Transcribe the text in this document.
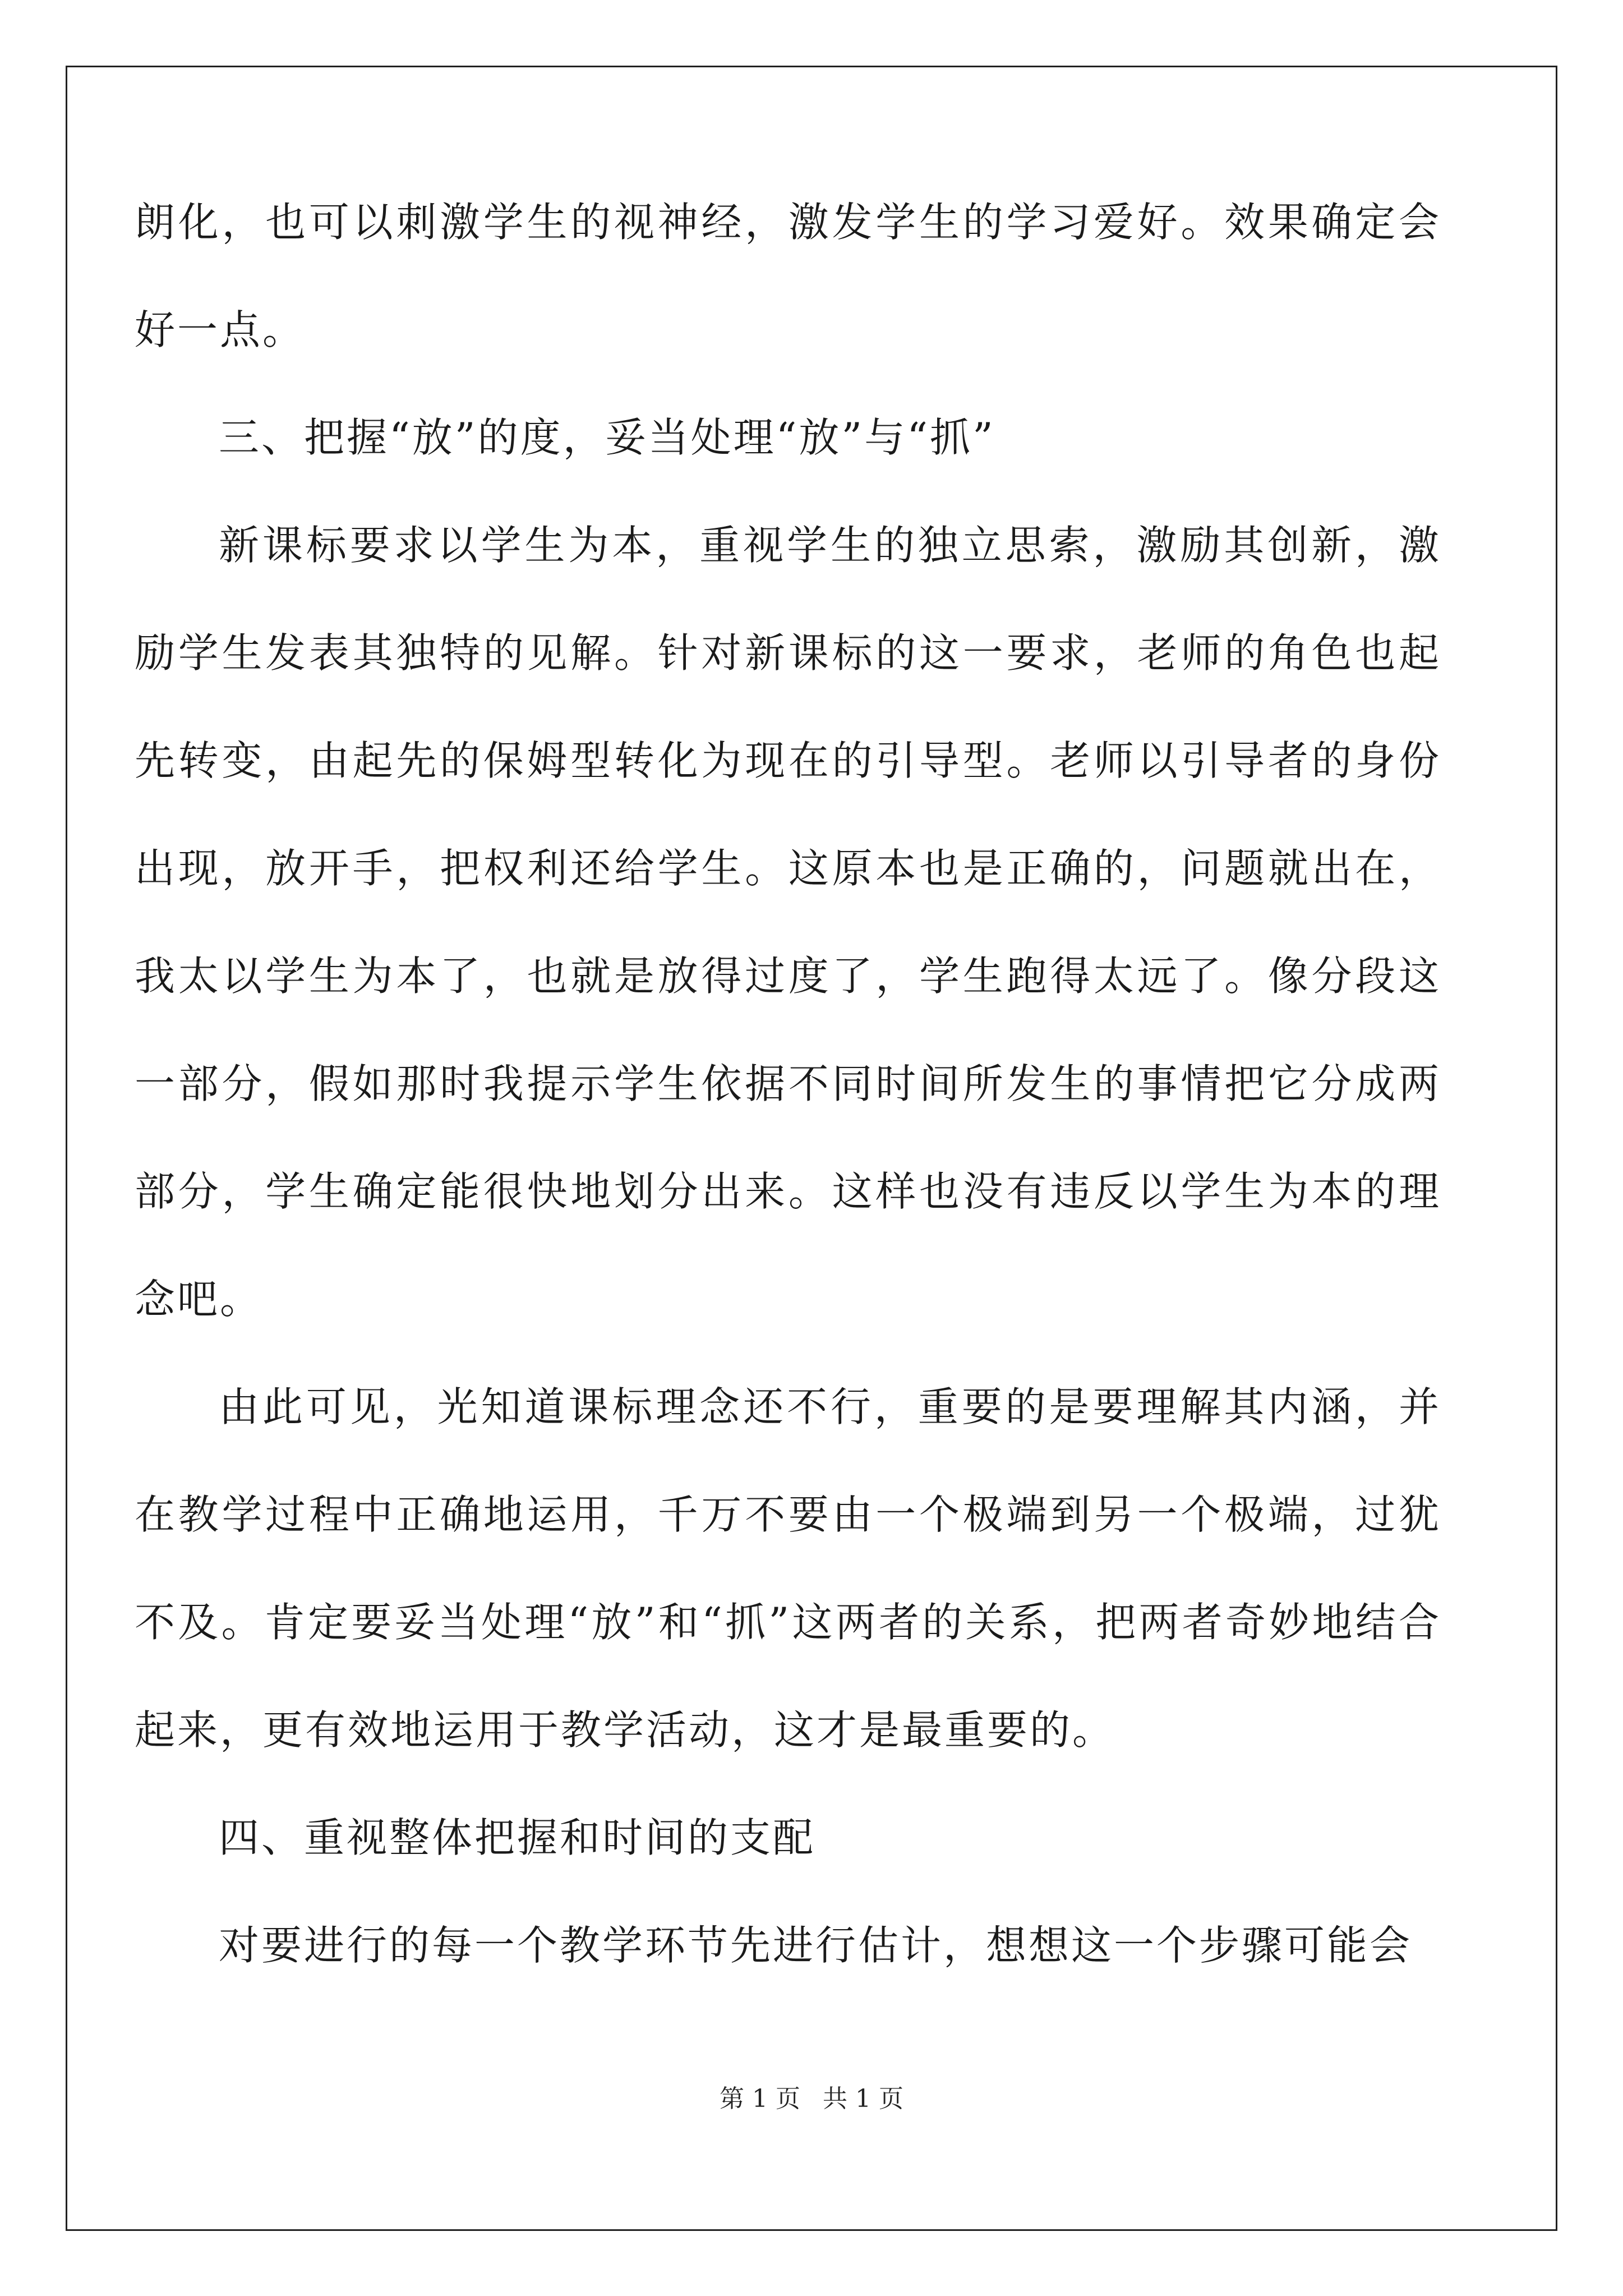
朗化，也可以刺激学生的视神经，激发学生的学习爱好。效果确定会好一点。

三、把握“放”的度，妥当处理“放”与“抓”

新课标要求以学生为本，重视学生的独立思索，激励其创新，激励学生发表其独特的见解。针对新课标的这一要求，老师的角色也起先转变，由起先的保姆型转化为现在的引导型。老师以引导者的身份出现，放开手，把权利还给学生。这原本也是正确的，问题就出在，我太以学生为本了，也就是放得过度了，学生跑得太远了。像分段这一部分，假如那时我提示学生依据不同时间所发生的事情把它分成两部分，学生确定能很快地划分出来。这样也没有违反以学生为本的理念吧。

由此可见，光知道课标理念还不行，重要的是要理解其内涵，并在教学过程中正确地运用，千万不要由一个极端到另一个极端，过犹不及。肯定要妥当处理“放”和“抓”这两者的关系，把两者奇妙地结合起来，更有效地运用于教学活动，这才是最重要的。

四、重视整体把握和时间的支配

对要进行的每一个教学环节先进行估计，想想这一个步骤可能会

第 1 页 共 1 页
